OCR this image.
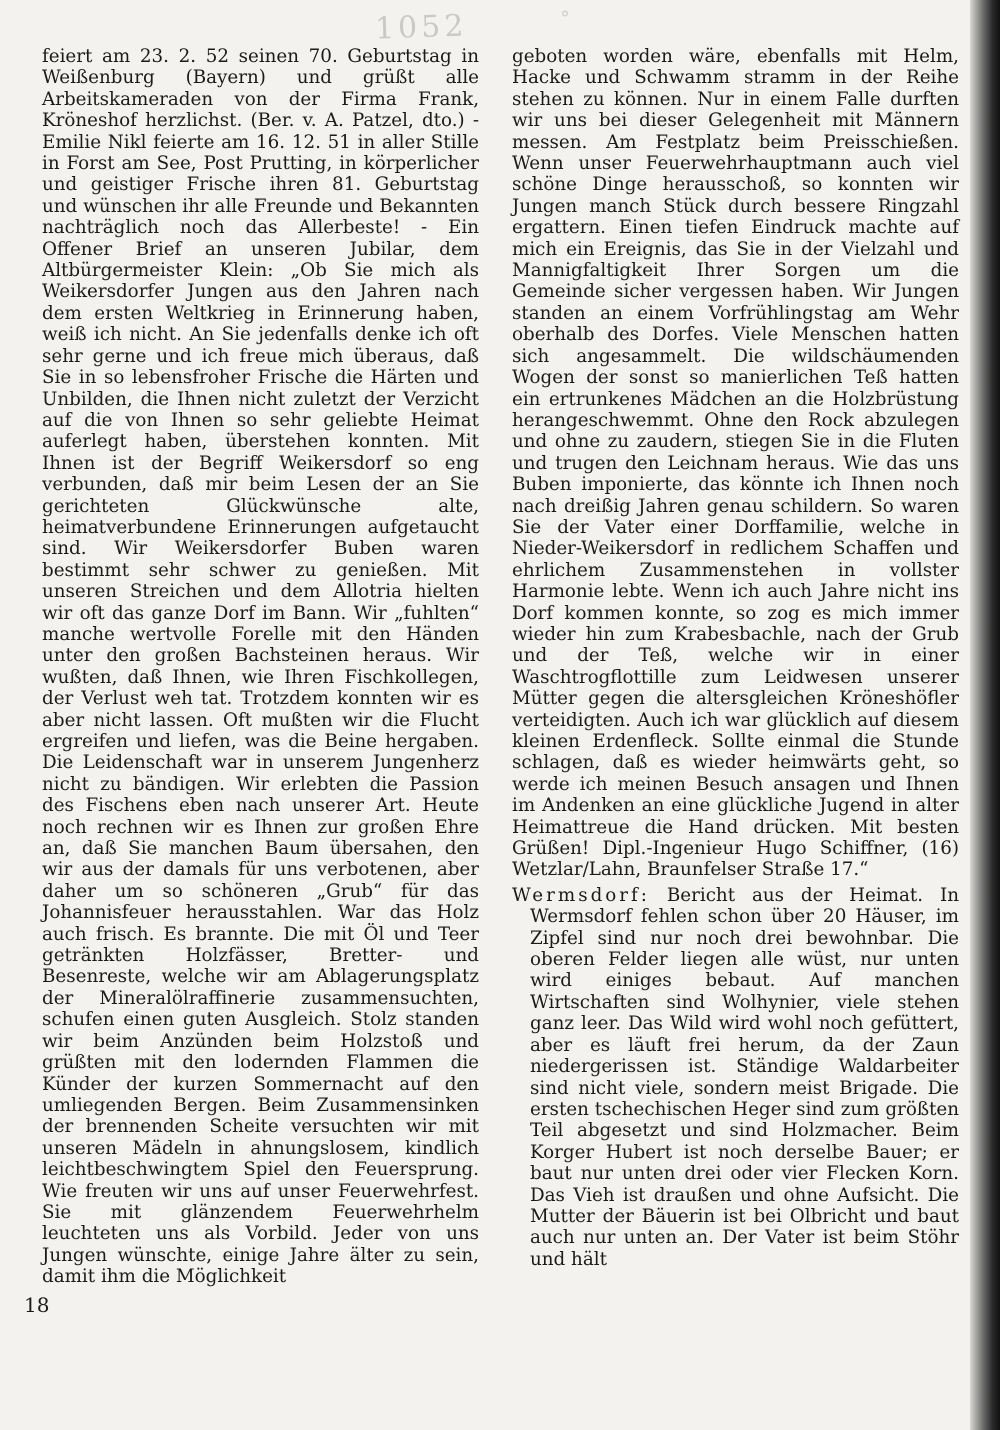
1052	°

feiert am 23. 2. 52 seinen 70. Geburtstag in Weißenburg (Bayern) und grüßt alle Arbeitskameraden von der Firma Frank, Kröneshof herzlichst. (Ber. v. A. Patzel, dto.) - Emilie Nikl feierte am 16. 12. 51 in aller Stille in Forst am See, Post Prutting, in körperlicher und geistiger Frische ihren 81. Geburtstag und wünschen ihr alle Freunde und Bekannten nachträglich noch das Allerbeste! - Ein Offener Brief an unseren Jubilar, dem Altbürgermeister Klein: „Ob Sie mich als Weikersdorfer Jungen aus den Jahren nach dem ersten Weltkrieg in Erinnerung haben, weiß ich nicht. An Sie jedenfalls denke ich oft sehr gerne und ich freue mich überaus, daß Sie in so lebensfroher Frische die Härten und Unbilden, die Ihnen nicht zuletzt der Verzicht auf die von Ihnen so sehr geliebte Heimat auferlegt haben, überstehen konnten. Mit Ihnen ist der Begriff Weikersdorf so eng verbunden, daß mir beim Lesen der an Sie gerichteten Glückwünsche alte, heimatverbundene Erinnerungen aufgetaucht sind. Wir Weikersdorfer Buben waren bestimmt sehr schwer zu genießen. Mit unseren Streichen und dem Allotria hielten wir oft das ganze Dorf im Bann. Wir „fuhlten“ manche wertvolle Forelle mit den Händen unter den großen Bachsteinen heraus. Wir wußten, daß Ihnen, wie Ihren Fischkollegen, der Verlust weh tat. Trotzdem konnten wir es aber nicht lassen. Oft mußten wir die Flucht ergreifen und liefen, was die Beine hergaben. Die Leidenschaft war in unserem Jungenherz nicht zu bändigen. Wir erlebten die Passion des Fischens eben nach unserer Art. Heute noch rechnen wir es Ihnen zur großen Ehre an, daß Sie manchen Baum übersahen, den wir aus der damals für uns verbotenen, aber daher um so schöneren „Grub“ für das Johannisfeuer herausstahlen. War das Holz auch frisch. Es brannte. Die mit Öl und Teer getränkten Holzfässer, Bretter- und Besenreste, welche wir am Ablagerungsplatz der Mineralölraffinerie zusammensuchten, schufen einen guten Ausgleich. Stolz standen wir beim Anzünden beim Holzstoß und grüßten mit den lodernden Flammen die Künder der kurzen Sommernacht auf den umliegenden Bergen. Beim Zusammensinken der brennenden Scheite versuchten wir mit unseren Mädeln in ahnungslosem, kindlich leichtbeschwingtem Spiel den Feuersprung. Wie freuten wir uns auf unser Feuerwehrfest. Sie mit glänzendem Feuerwehrhelm leuchteten uns als Vorbild. Jeder von uns Jungen wünschte, einige Jahre älter zu sein, damit ihm die Möglichkeit

geboten worden wäre, ebenfalls mit Helm, Hacke und Schwamm stramm in der Reihe stehen zu können. Nur in einem Falle durften wir uns bei dieser Gelegenheit mit Männern messen. Am Festplatz beim Preisschießen. Wenn unser Feuerwehrhauptmann auch viel schöne Dinge herausschoß, so konnten wir Jungen manch Stück durch bessere Ringzahl ergattern. Einen tiefen Eindruck machte auf mich ein Ereignis, das Sie in der Vielzahl und Mannigfaltigkeit Ihrer Sorgen um die Gemeinde sicher vergessen haben. Wir Jungen standen an einem Vorfrühlingstag am Wehr oberhalb des Dorfes. Viele Menschen hatten sich angesammelt. Die wildschäumenden Wogen der sonst so manierlichen Teß hatten ein ertrunkenes Mädchen an die Holzbrüstung herangeschwemmt. Ohne den Rock abzulegen und ohne zu zaudern, stiegen Sie in die Fluten und trugen den Leichnam heraus. Wie das uns Buben imponierte, das könnte ich Ihnen noch nach dreißig Jahren genau schildern. So waren Sie der Vater einer Dorffamilie, welche in Nieder-Weikersdorf in redlichem Schaffen und ehrlichem Zusammenstehen in vollster Harmonie lebte. Wenn ich auch Jahre nicht ins Dorf kommen konnte, so zog es mich immer wieder hin zum Krabesbachle, nach der Grub und der Teß, welche wir in einer Waschtrogflottille zum Leidwesen unserer Mütter gegen die altersgleichen Kröneshöfler verteidigten. Auch ich war glücklich auf diesem kleinen Erdenfleck. Sollte einmal die Stunde schlagen, daß es wieder heimwärts geht, so werde ich meinen Besuch ansagen und Ihnen im Andenken an eine glückliche Jugend in alter Heimattreue die Hand drücken. Mit besten Grüßen! Dipl.-Ingenieur Hugo Schiffner, (16) Wetzlar/Lahn, Braunfelser Straße 17.“

Wermsdorf: Bericht aus der Heimat. In Wermsdorf fehlen schon über 20 Häuser, im Zipfel sind nur noch drei bewohnbar. Die oberen Felder liegen alle wüst, nur unten wird einiges bebaut. Auf manchen Wirtschaften sind Wolhynier, viele stehen ganz leer. Das Wild wird wohl noch gefüttert, aber es läuft frei herum, da der Zaun niedergerissen ist. Ständige Waldarbeiter sind nicht viele, sondern meist Brigade. Die ersten tschechischen Heger sind zum größten Teil abgesetzt und sind Holzmacher. Beim Korger Hubert ist noch derselbe Bauer; er baut nur unten drei oder vier Flecken Korn. Das Vieh ist draußen und ohne Aufsicht. Die Mutter der Bäuerin ist bei Olbricht und baut auch nur unten an. Der Vater ist beim Stöhr und hält

18
